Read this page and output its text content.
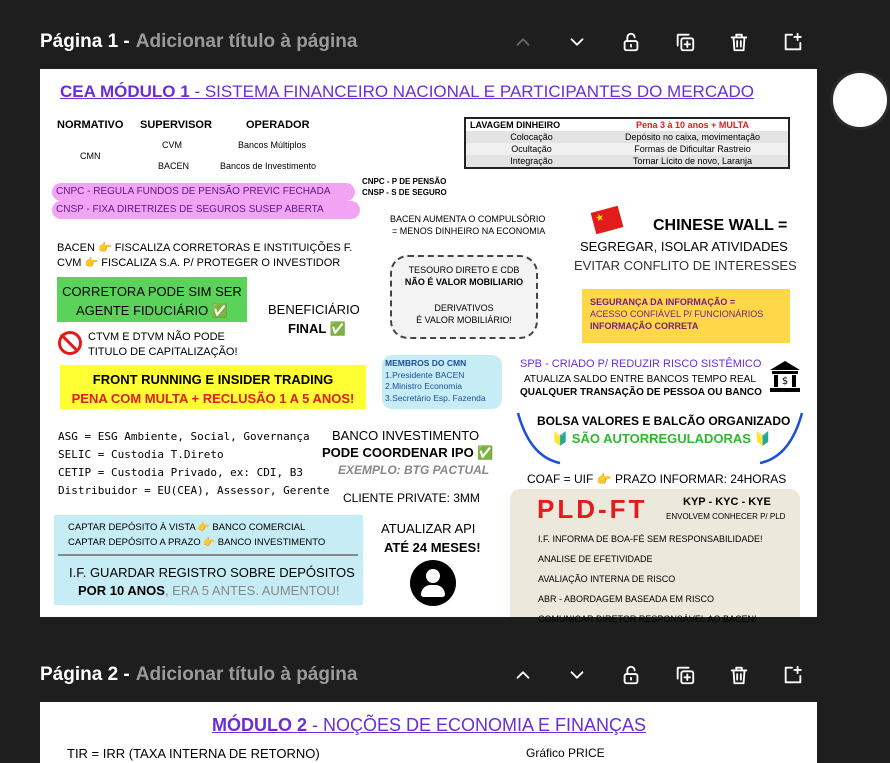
Página 1 - Adicionar título à página
CEA MÓDULO 1 - SISTEMA FINANCEIRO NACIONAL E PARTICIPANTES DO MERCADO
NORMATIVO SUPERVISOR	OPERADOR
CMN
CVM
BACEN
Bancos Múltiplos
Bancos de Investimento
LAVAGEM DINHEIRO	Pena 3 à 10 anos + MULTA
Colocação	Depósito no caixa, movimentação
Ocultação	Formas de Dificultar Rastreio
Integração	Tornar Lícito de novo, Laranja
CNPC - REGULA FUNDOS DE PENSÃO PREVIC FECHADA
CNSP - FIXA DIRETRIZES DE SEGUROS SUSEP ABERTA
CNPC - P DE PENSÃO
CNSP - S DE SEGURO
BACEN AUMENTA O COMPULSÓRIO
= MENOS DINHEIRO NA ECONOMIA
★	CHINESE WALL =
SEGREGAR, ISOLAR ATIVIDADES
EVITAR CONFLITO DE INTERESSES
BACEN 👉 FISCALIZA CORRETORAS E INSTITUIÇÕES F.
CVM 👉 FISCALIZA S.A. P/ PROTEGER O INVESTIDOR
TESOURO DIRETO E CDB
NÃO É VALOR MOBILIARIO
DERIVATIVOS
É VALOR MOBILIÁRIO!
SEGURANÇA DA INFORMAÇÃO =
ACESSO CONFIÁVEL P/ FUNCIONÁRIOS
INFORMAÇÃO CORRETA
CORRETORA PODE SIM SER
AGENTE FIDUCIÁRIO ✅	BENEFICIÁRIO
FINAL ✅
CTVM E DTVM NÃO PODE
TITULO DE CAPITALIZAÇÃO!
MEMBROS DO CMN
1.Presidente BACEN
2.Ministro Economia
3.Secretário Esp. Fazenda
SPB - CRIADO P/ REDUZIR RISCO SISTÊMICO
ATUALIZA SALDO ENTRE BANCOS TEMPO REAL
QUALQUER TRANSAÇÃO DE PESSOA OU BANCO
$
FRONT RUNNING E INSIDER TRADING
PENA COM MULTA + RECLUSÃO 1 A 5 ANOS!
BOLSA VALORES E BALCÃO ORGANIZADO
🔰 SÃO AUTORREGULADORAS 🔰
ASG = ESG Ambiente, Social, Governança
SELIC = Custodia T.Direto
CETIP = Custodia Privado, ex: CDI, B3
Distribuidor = EU(CEA), Assessor, Gerente
BANCO INVESTIMENTO
PODE COORDENAR IPO ✅
EXEMPLO: BTG PACTUAL
COAF = UIF 👉 PRAZO INFORMAR: 24HORAS
CLIENTE PRIVATE: 3MM PLD-FT	KYP - KYC - KYE
ENVOLVEM CONHECER P/ PLD
I.F. INFORMA DE BOA-FÉ SEM RESPONSABILIDADE!
ANALISE DE EFETIVIDADE
AVALIAÇÃO INTERNA DE RISCO
ABR - ABORDAGEM BASEADA EM RISCO
COMUNICAR DIRETOR RESPONSÁVEL AO BACEN!
CAPTAR DEPÓSITO À VISTA 👉 BANCO COMERCIAL
CAPTAR DEPÓSITO A PRAZO 👉 BANCO INVESTIMENTO
I.F. GUARDAR REGISTRO SOBRE DEPÓSITOS
POR 10 ANOS, ERA 5 ANTES. AUMENTOU!
ATUALIZAR API
ATÉ 24 MESES!
Página 2 - Adicionar título à página
MÓDULO 2 - NOÇÕES DE ECONOMIA E FINANÇAS
TIR = IRR (TAXA INTERNA DE RETORNO)	Gráfico PRICE
